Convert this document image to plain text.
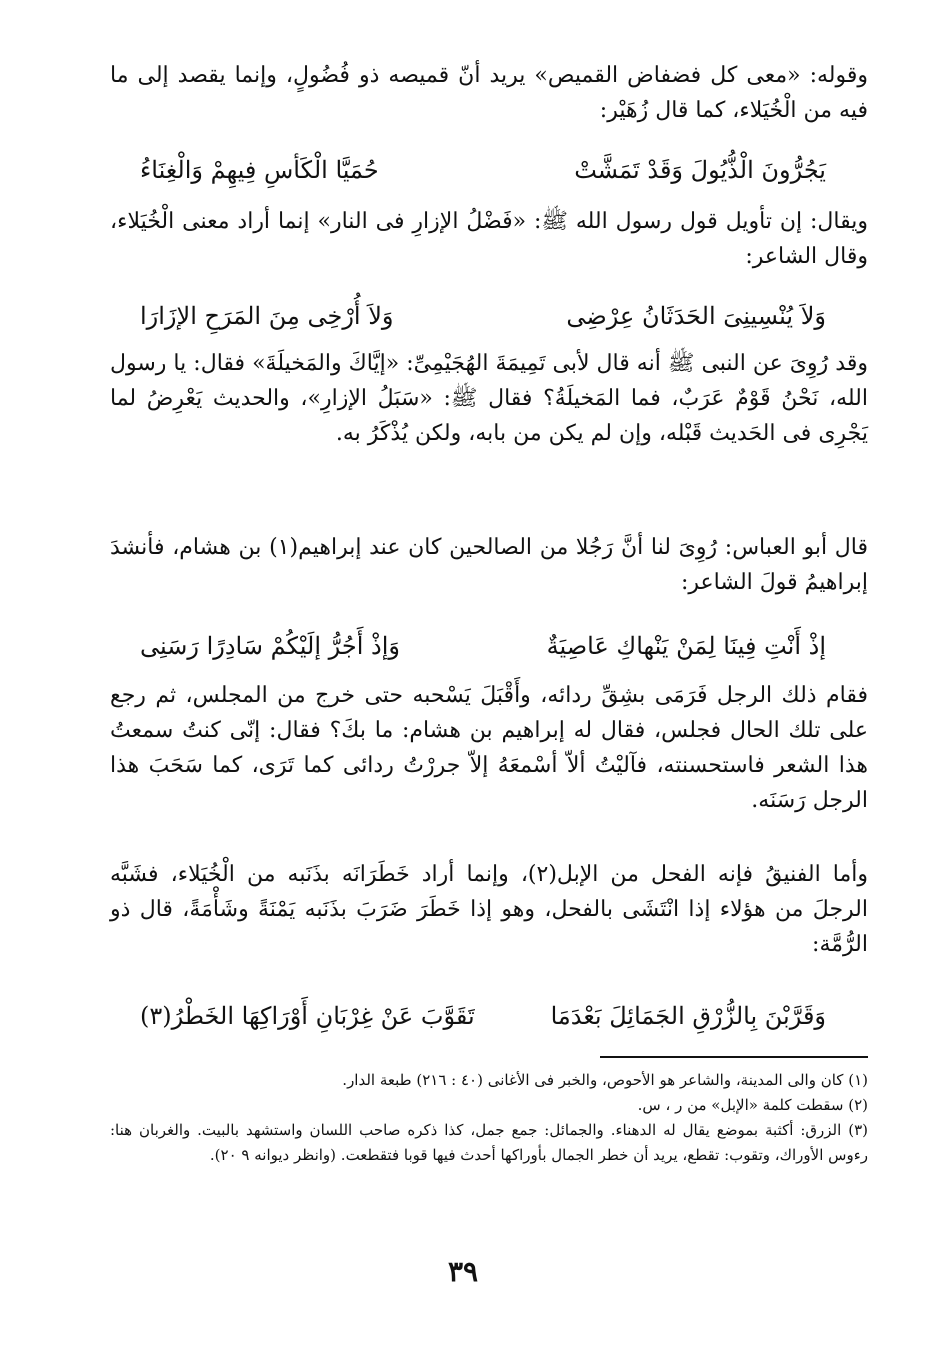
وقوله: «معى كل فضفاض القميص» يريد أنّ قميصه ذو فُضُولٍ، وإنما يقصد إلى ما فيه من الْخُيَلاء، كما قال زُهَيْر:

يَجُرُّونَ الْذُّيُولَ وَقَدْ تَمَشَّتْ
حُمَيَّا الْكَأسِ فِيهِمْ وَالْغِنَاءُ

ويقال: إن تأويل قول رسول الله ﷺ: «فَضْلُ الإزارِ فى النار» إنما أراد معنى الْخُيَلاء، وقال الشاعر:

وَلاَ يُنْسِينِىَ الحَدَثَانُ عِرْضِى
وَلاَ أُرْخِى مِنَ المَرَحِ الإزَارَا

وقد رُوِىَ عن النبى ﷺ أنه قال لأبى تَمِيمَةَ الهُجَيْمِىِّ: «إيَّاكَ والمَخيلَةَ» فقال: يا رسول الله، نَحْنُ قَوْمٌ عَرَبٌ، فما المَخيلَةُ؟ فقال ﷺ: «سَبَلُ الإزارِ»، والحديث يَعْرِضُ لما يَجْرِى فى الحَديث قَبْله، وإن لم يكن من بابه، ولكن يُذْكَرُ به.

قال أبو العباس: رُوِىَ لنا أنَّ رَجُلا من الصالحين كان عند إبراهيم(١) بن هشام، فأنشدَ إبراهيمُ قولَ الشاعر:

إذْ أَنْتِ فِينَا لِمَنْ يَنْهاكِ عَاصِيَةٌ
وَإذْ أَجُرُّ إلَيْكُمْ سَادِرًا رَسَنِى

فقام ذلك الرجل فَرَمَى بشِقِّ ردائه، وأَقْبَلَ يَسْحبه حتى خرج من المجلس، ثم رجع على تلك الحال فجلس، فقال له إبراهيم بن هشام: ما بكَ؟ فقال: إنّى كنتُ سمعتُ هذا الشعر فاستحسنته، فآليْتُ ألاّ أسْمعَهُ إلاّ جررْتُ ردائى كما تَرَى، كما سَحَبَ هذا الرجل رَسَنَه.

وأما الفنيقُ فإنه الفحل من الإبل(٢)، وإنما أراد خَطَرَانَه بذَنَبه من الْخُيَلاء، فشَبَّه الرجلَ من هؤلاء إذا انْتَشَى بالفحل، وهو إذا خَطَرَ ضَرَبَ بذَنَبه يَمْنَةً وشَأْمَةً، قال ذو الرُّمَّة:

وَقَرَّبْنَ بِالزُّرْقِ الجَمَائِلَ بَعْدَمَا
تَقَوَّبَ عَنْ غِرْبَانِ أَوْرَاكِهَا الخَطْرُ(٣)

(١) كان والى المدينة، والشاعر هو الأحوص، والخبر فى الأغانى (٤٠ : ٢١٦) طبعة الدار.

(٢) سقطت كلمة «الإبل» من ر ، س.

(٣) الزرق: أكثبة بموضع يقال له الدهناء. والجمائل: جمع جمل، كذا ذكره صاحب اللسان واستشهد بالبيت. والغربان هنا: رءوس الأوراك، وتقوب: تقطع، يريد أن خطر الجمال بأوراكها أحدث فيها قوبا فتقطعت. (وانظر ديوانه ٩ ٢٠).

٣٩
